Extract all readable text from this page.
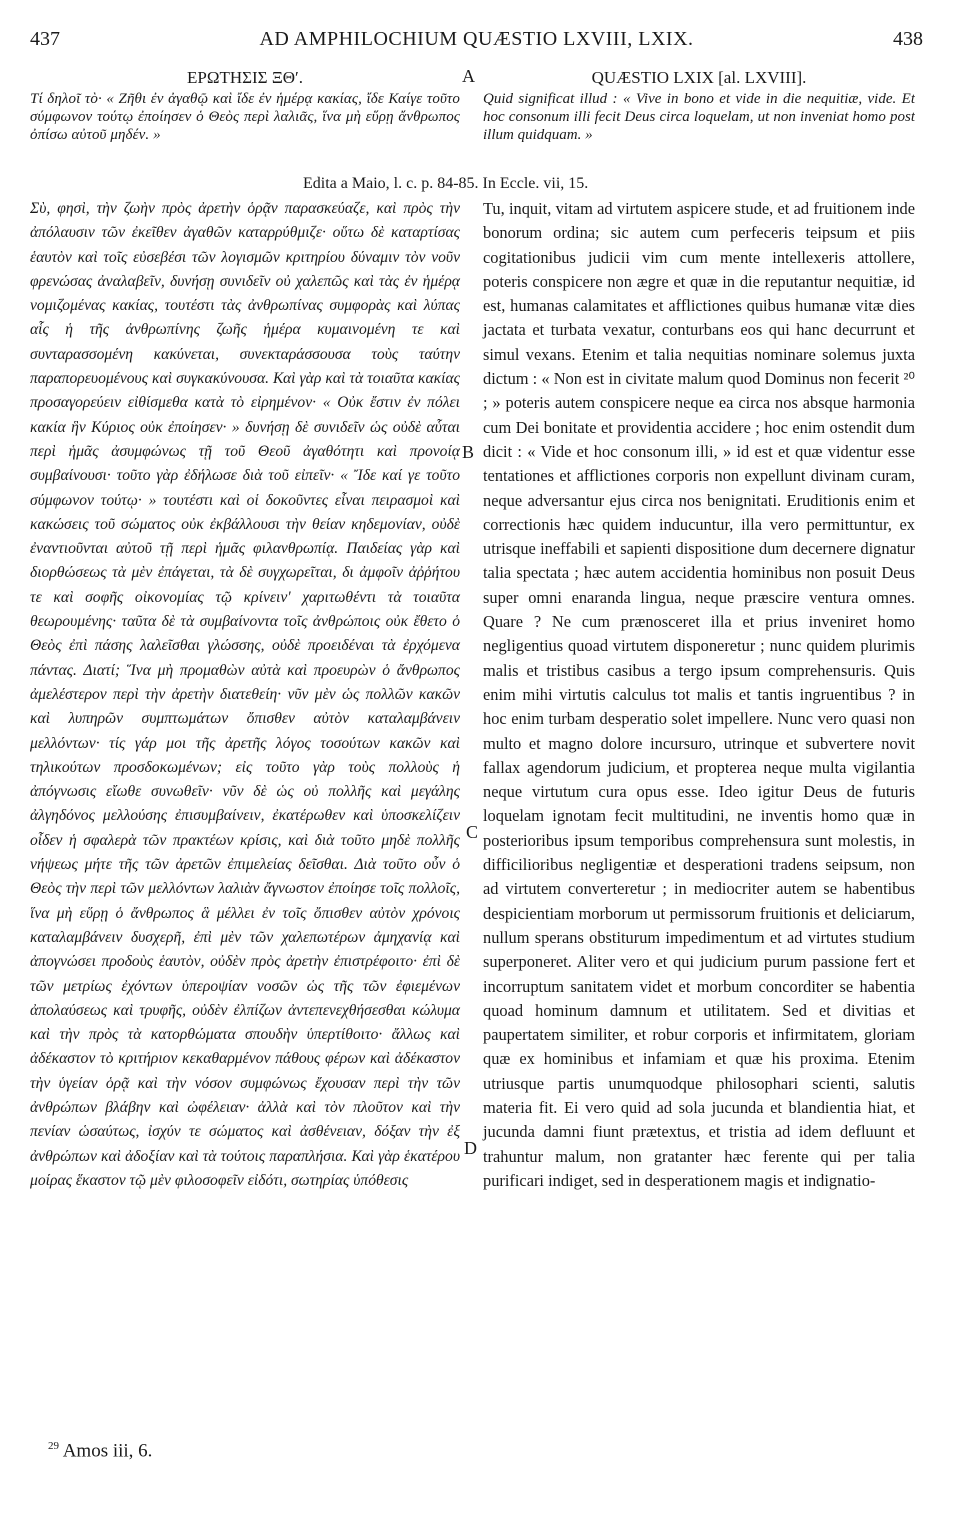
437	AD AMPHILOCHIUM QUÆSTIO LXVIII, LXIX.	438
ΕΡΩΤΗΣΙΣ ΞΘʹ.
Τί δηλοῖ τὸ· « Ζῆθι ἐν ἀγαθῷ καὶ ἴδε ἐν ἡμέρᾳ κακίας, ἴδε Καίγε τοῦτο σύμφωνον τούτῳ ἐποίησεν ὁ Θεὸς περὶ λαλιᾶς, ἵνα μὴ εὕρῃ ἄνθρωπος ὀπίσω αὐτοῦ μηδέν. »
QUÆSTIO LXIX [al. LXVIII].
Quid significat illud : « Vive in bono et vide in die nequitiæ, vide. Et hoc consonum illi fecit Deus circa loquelam, ut non inveniat homo post illum quidquam. »
Edita a Maio, l. c. p. 84-85. In Eccle. vii, 15.
Σὺ, φησὶ, τὴν ζωὴν πρὸς ἀρετὴν ὁρᾷν παρασκεύαζε, καὶ πρὸς τὴν ἀπόλαυσιν τῶν ἐκεῖθεν ἀγαθῶν καταρρύθμιζε· οὕτω δὲ καταρτίσας ἑαυτὸν καὶ τοῖς εὐσεβέσι τῶν λογισμῶν κριτηρίου δύναμιν τὸν νοῦν φρενώσας ἀναλαβεῖν, δυνήσῃ συνιδεῖν οὐ χαλεπῶς καὶ τὰς ἐν ἡμέρᾳ νομιζομένας κακίας, τουτέστι τὰς ἀνθρωπίνας συμφορὰς καὶ λύπας αἷς ἡ τῆς ἀνθρωπίνης ζωῆς ἡμέρα κυμαινομένη τε καὶ συνταρασσομένη κακύνεται, συνεκταράσσουσα τοὺς ταύτην παραπορευομένους καὶ συγκακύνουσα. Καὶ γὰρ καὶ τὰ τοιαῦτα κακίας προσαγορεύειν εἰθίσμεθα κατὰ τὸ εἰρημένον· « Οὐκ ἔστιν ἐν πόλει κακία ἣν Κύριος οὐκ ἐποίησεν· » δυνήσῃ δὲ συνιδεῖν ὡς οὐδὲ αὗται περὶ ἡμᾶς ἀσυμφώνως τῇ τοῦ Θεοῦ ἀγαθότητι καὶ προνοίᾳ συμβαίνουσι· τοῦτο γὰρ ἐδήλωσε διὰ τοῦ εἰπεῖν· « Ἴδε καί γε τοῦτο σύμφωνον τούτῳ· » τουτέστι καὶ οἱ δοκοῦντες εἶναι πειρασμοὶ καὶ κακώσεις τοῦ σώματος οὐκ ἐκβάλλουσι τὴν θείαν κηδεμονίαν, οὐδὲ ἐναντιοῦνται αὐτοῦ τῇ περὶ ἡμᾶς φιλανθρωπίᾳ. Παιδείας γὰρ καὶ διορθώσεως τὰ μὲν ἐπάγεται, τὰ δὲ συγχωρεῖται, δι ἀμφοῖν ἀῤῥήτου τε καὶ σοφῆς οἰκονομίας τῷ κρίνειν' χαριτωθέντι τὰ τοιαῦτα θεωρουμένης· ταῦτα δὲ τὰ συμβαίνοντα τοῖς ἀνθρώποις οὐκ ἔθετο ὁ Θεὸς ἐπὶ πάσης λαλεῖσθαι γλώσσης, οὐδὲ προειδέναι τὰ ἐρχόμενα πάντας. Διατί; Ἵνα μὴ προμαθὼν αὐτὰ καὶ προευρὼν ὁ ἄνθρωπος ἀμελέστερον περὶ τὴν ἀρετὴν διατεθείη· νῦν μὲν ὡς πολλῶν κακῶν καὶ λυπηρῶν συμπτωμάτων ὄπισθεν αὐτὸν καταλαμβάνειν μελλόντων· τίς γάρ μοι τῆς ἀρετῆς λόγος τοσούτων κακῶν καὶ τηλικούτων προσδοκωμένων; εἰς τοῦτο γὰρ τοὺς πολλοὺς ἡ ἀπόγνωσις εἴωθε συνωθεῖν· νῦν δὲ ὡς οὐ πολλῆς καὶ μεγάλης ἀλγηδόνος μελλούσης ἐπισυμβαίνειν, ἐκατέρωθεν καὶ ὑποσκελίζειν οἶδεν ἡ σφαλερὰ τῶν πρακτέων κρίσις, καὶ διὰ τοῦτο μηδὲ πολλῆς νήψεως μήτε τῆς τῶν ἀρετῶν ἐπιμελείας δεῖσθαι. Διὰ τοῦτο οὖν ὁ Θεὸς τὴν περὶ τῶν μελλόντων λαλιὰν ἄγνωστον ἐποίησε τοῖς πολλοῖς, ἵνα μὴ εὕρῃ ὁ ἄνθρωπος ἃ μέλλει ἐν τοῖς ὄπισθεν αὐτὸν χρόνοις καταλαμβάνειν δυσχερῆ, ἐπὶ μὲν τῶν χαλεπωτέρων ἀμηχανίᾳ καὶ ἀπογνώσει προδοὺς ἑαυτὸν, οὐδὲν πρὸς ἀρετὴν ἐπιστρέφοιτο· ἐπὶ δὲ τῶν μετρίως ἐχόντων ὑπεροψίαν νοσῶν ὡς τῆς τῶν ἐφιεμένων ἀπολαύσεως καὶ τρυφῆς, οὐδὲν ἐλπίζων ἀντεπενεχθήσεσθαι κώλυμα καὶ τὴν πρὸς τὰ κατορθώματα σπουδὴν ὑπερτίθοιτο· ἄλλως καὶ ἀδέκαστον τὸ κριτήριον κεκαθαρμένον πάθους φέρων καὶ ἀδέκαστον τὴν ὑγείαν ὁρᾷ καὶ τὴν νόσον συμφώνως ἔχουσαν περὶ τὴν τῶν ἀνθρώπων βλάβην καὶ ὠφέλειαν· ἀλλὰ καὶ τὸν πλοῦτον καὶ τὴν πενίαν ὡσαύτως, ἰσχύν τε σώματος καὶ ἀσθένειαν, δόξαν τὴν ἐξ ἀνθρώπων καὶ ἀδοξίαν καὶ τὰ τούτοις παραπλήσια. Καὶ γὰρ ἑκατέρου μοίρας ἕκαστον τῷ μὲν φιλοσοφεῖν εἰδότι, σωτηρίας ὑπόθεσις
Tu, inquit, vitam ad virtutem aspicere stude, et ad fruitionem inde bonorum ordina; sic autem cum perfeceris teipsum et piis cogitationibus judicii vim cum mente intellexeris attollere, poteris conspicere non ægre et quæ in die reputantur nequitiæ, id est, humanas calamitates et afflictiones quibus humanæ vitæ dies jactata et turbata vexatur, conturbans eos qui hanc decurrunt et simul vexans. Etenim et talia nequitias nominare solemus juxta dictum : « Non est in civitate malum quod Dominus non fecerit ²⁰ ; » poteris autem conspicere neque ea circa nos absque harmonia cum Dei bonitate et providentia accidere ; hoc enim ostendit dum dicit : « Vide et hoc consonum illi, » id est et quæ videntur esse tentationes et afflictiones corporis non expellunt divinam curam, neque adversantur ejus circa nos benignitati. Eruditionis enim et correctionis hæc quidem inducuntur, illa vero permittuntur, ex utrisque ineffabili et sapienti dispositione dum decernere dignatur talia spectata ; hæc autem accidentia hominibus non posuit Deus super omni enaranda lingua, neque præscire ventura omnes. Quare ? Ne cum prænosceret illa et prius inveniret homo negligentius quoad virtutem disponeretur ; nunc quidem plurimis malis et tristibus casibus a tergo ipsum comprehensuris. Quis enim mihi virtutis calculus tot malis et tantis ingruentibus ? in hoc enim turbam desperatio solet impellere. Nunc vero quasi non multo et magno dolore incursuro, utrinque et subvertere novit fallax agendorum judicium, et propterea neque multa vigilantia neque virtutum cura opus esse. Ideo igitur Deus de futuris loquelam ignotam fecit multitudini, ne inventis homo quæ in posterioribus ipsum temporibus comprehensura sunt molestis, in difficilioribus negligentiæ et desperationi tradens seipsum, non ad virtutem converteretur ; in mediocriter autem se habentibus despicientiam morborum ut permissorum fruitionis et deliciarum, nullum sperans obstiturum impedimentum et ad virtutes studium superponeret. Aliter vero et qui judicium purum passione fert et incorruptum sanitatem videt et morbum concorditer se habentia quoad hominum damnum et utilitatem. Sed et divitias et paupertatem similiter, et robur corporis et infirmitatem, gloriam quæ ex hominibus et infamiam et quæ his proxima. Etenim utriusque partis unumquodque philosophari scienti, salutis materia fit. Ei vero quid ad sola jucunda et blandientia hiat, et jucunda damni fiunt prætextus, et tristia ad idem defluunt et trahuntur malum, non gratanter hæc ferente qui per talia purificari indiget, sed in desperationem magis et indignatio-
A
B
C
D
$^{29}$ Amos iii, 6.
